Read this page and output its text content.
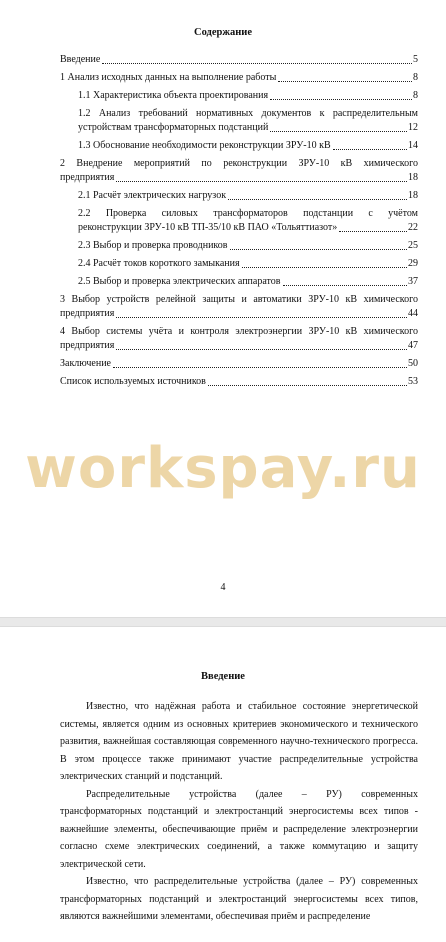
Содержание
Введение	5
1 Анализ исходных данных на выполнение работы	8
1.1 Характеристика объекта проектирования	8
1.2 Анализ требований нормативных документов к распределительным
устройствам трансформаторных подстанций	12
1.3 Обоснование необходимости реконструкции ЗРУ-10 кВ	14
2 Внедрение мероприятий по реконструкции ЗРУ-10 кВ химического
предприятия	18
2.1 Расчёт электрических нагрузок	18
2.2 Проверка силовых трансформаторов подстанции с учётом
реконструкции ЗРУ-10 кВ ТП-35/10 кВ ПАО «Тольяттиазот»	22
2.3 Выбор и проверка проводников	25
2.4 Расчёт токов короткого замыкания	29
2.5 Выбор и проверка электрических аппаратов	37
3 Выбор устройств релейной защиты и автоматики ЗРУ-10 кВ химического
предприятия	44
4 Выбор системы учёта и контроля электроэнергии ЗРУ-10 кВ химического
предприятия	47
Заключение	50
Список используемых источников	53
workspay.ru
4
Введение

Известно, что надёжная работа и стабильное состояние энергетической системы, является одним из основных критериев экономического и технического развития, важнейшая составляющая современного научно-технического прогресса. В этом процессе также принимают участие распределительные устройства электрических станций и подстанций.

Распределительные устройства (далее – РУ) современных трансформаторных подстанций и электростанций энергосистемы всех типов - важнейшие элементы, обеспечивающие приём и распределение электроэнергии согласно схеме электрических соединений, а также коммутацию и защиту электрической сети.

Известно, что распределительные устройства (далее – РУ) современных трансформаторных подстанций и электростанций энергосистемы всех типов, являются важнейшими элементами, обеспечивая приём и распределение
